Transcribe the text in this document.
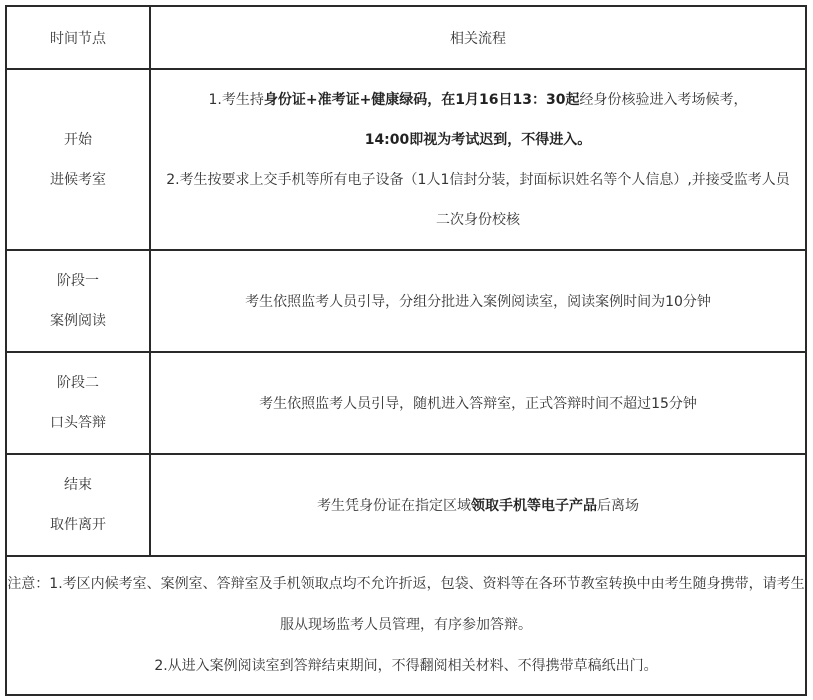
时间节点	相关流程

开始
进候考室	1.考生持身份证+准考证+健康绿码，在1月16日13：30起经身份核验进入考场候考，
14:00即视为考试迟到，不得进入。
2.考生按要求上交手机等所有电子设备（1人1信封分装，封面标识姓名等个人信息）,并接受监考人员二次身份校核

阶段一
案例阅读	考生依照监考人员引导，分组分批进入案例阅读室，阅读案例时间为10分钟

阶段二
口头答辩	考生依照监考人员引导，随机进入答辩室，正式答辩时间不超过15分钟

结束
取件离开	考生凭身份证在指定区域领取手机等电子产品后离场

注意：1.考区内候考室、案例室、答辩室及手机领取点均不允许折返，包袋、资料等在各环节教室转换中由考生随身携带，请考生服从现场监考人员管理，有序参加答辩。
2.从进入案例阅读室到答辩结束期间，不得翻阅相关材料、不得携带草稿纸出门。	
